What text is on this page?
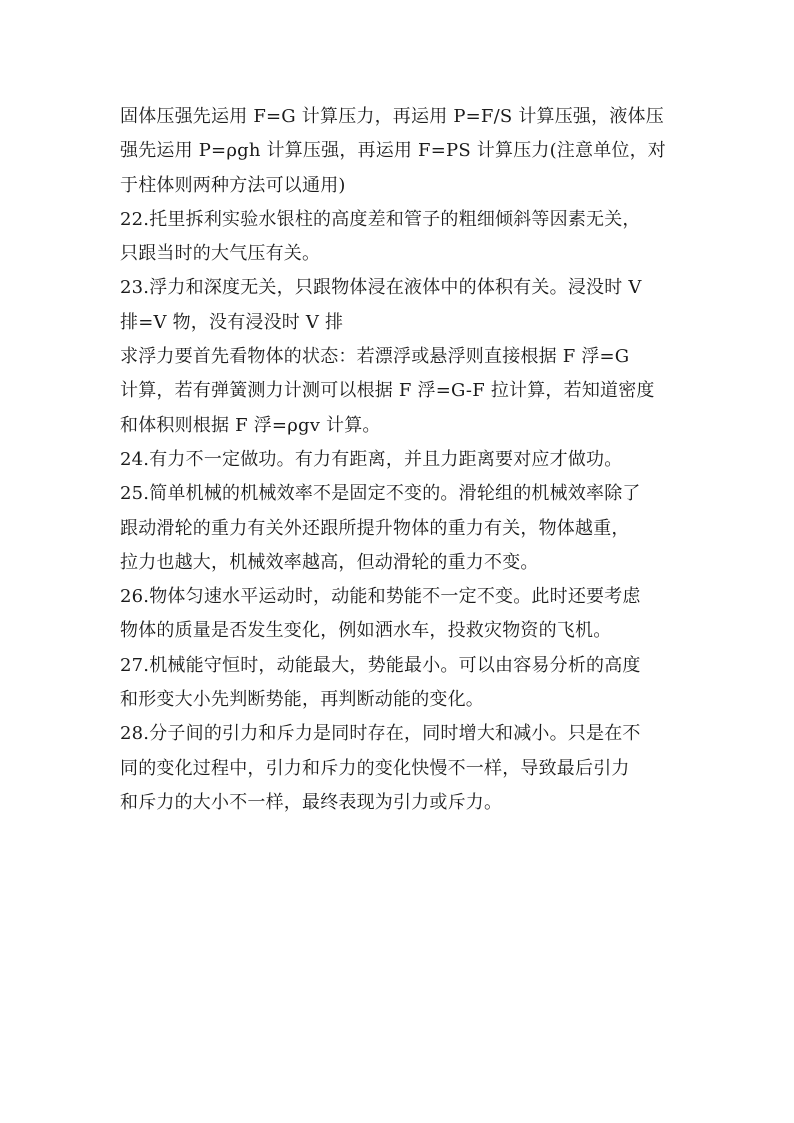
固体压强先运用 F=G 计算压力，再运用 P=F/S 计算压强，液体压
强先运用 P=ρgh 计算压强，再运用 F=PS 计算压力(注意单位，对
于柱体则两种方法可以通用)
22.托里拆利实验水银柱的高度差和管子的粗细倾斜等因素无关，
只跟当时的大气压有关。
23.浮力和深度无关，只跟物体浸在液体中的体积有关。浸没时 V
排=V 物，没有浸没时 V 排
求浮力要首先看物体的状态：若漂浮或悬浮则直接根据 F 浮=G
计算，若有弹簧测力计测可以根据 F 浮=G-F 拉计算，若知道密度
和体积则根据 F 浮=ρgv 计算。
24.有力不一定做功。有力有距离，并且力距离要对应才做功。
25.简单机械的机械效率不是固定不变的。滑轮组的机械效率除了
跟动滑轮的重力有关外还跟所提升物体的重力有关，物体越重，
拉力也越大，机械效率越高，但动滑轮的重力不变。
26.物体匀速水平运动时，动能和势能不一定不变。此时还要考虑
物体的质量是否发生变化，例如洒水车，投救灾物资的飞机。
27.机械能守恒时，动能最大，势能最小。可以由容易分析的高度
和形变大小先判断势能，再判断动能的变化。
28.分子间的引力和斥力是同时存在，同时增大和减小。只是在不
同的变化过程中，引力和斥力的变化快慢不一样，导致最后引力
和斥力的大小不一样，最终表现为引力或斥力。
